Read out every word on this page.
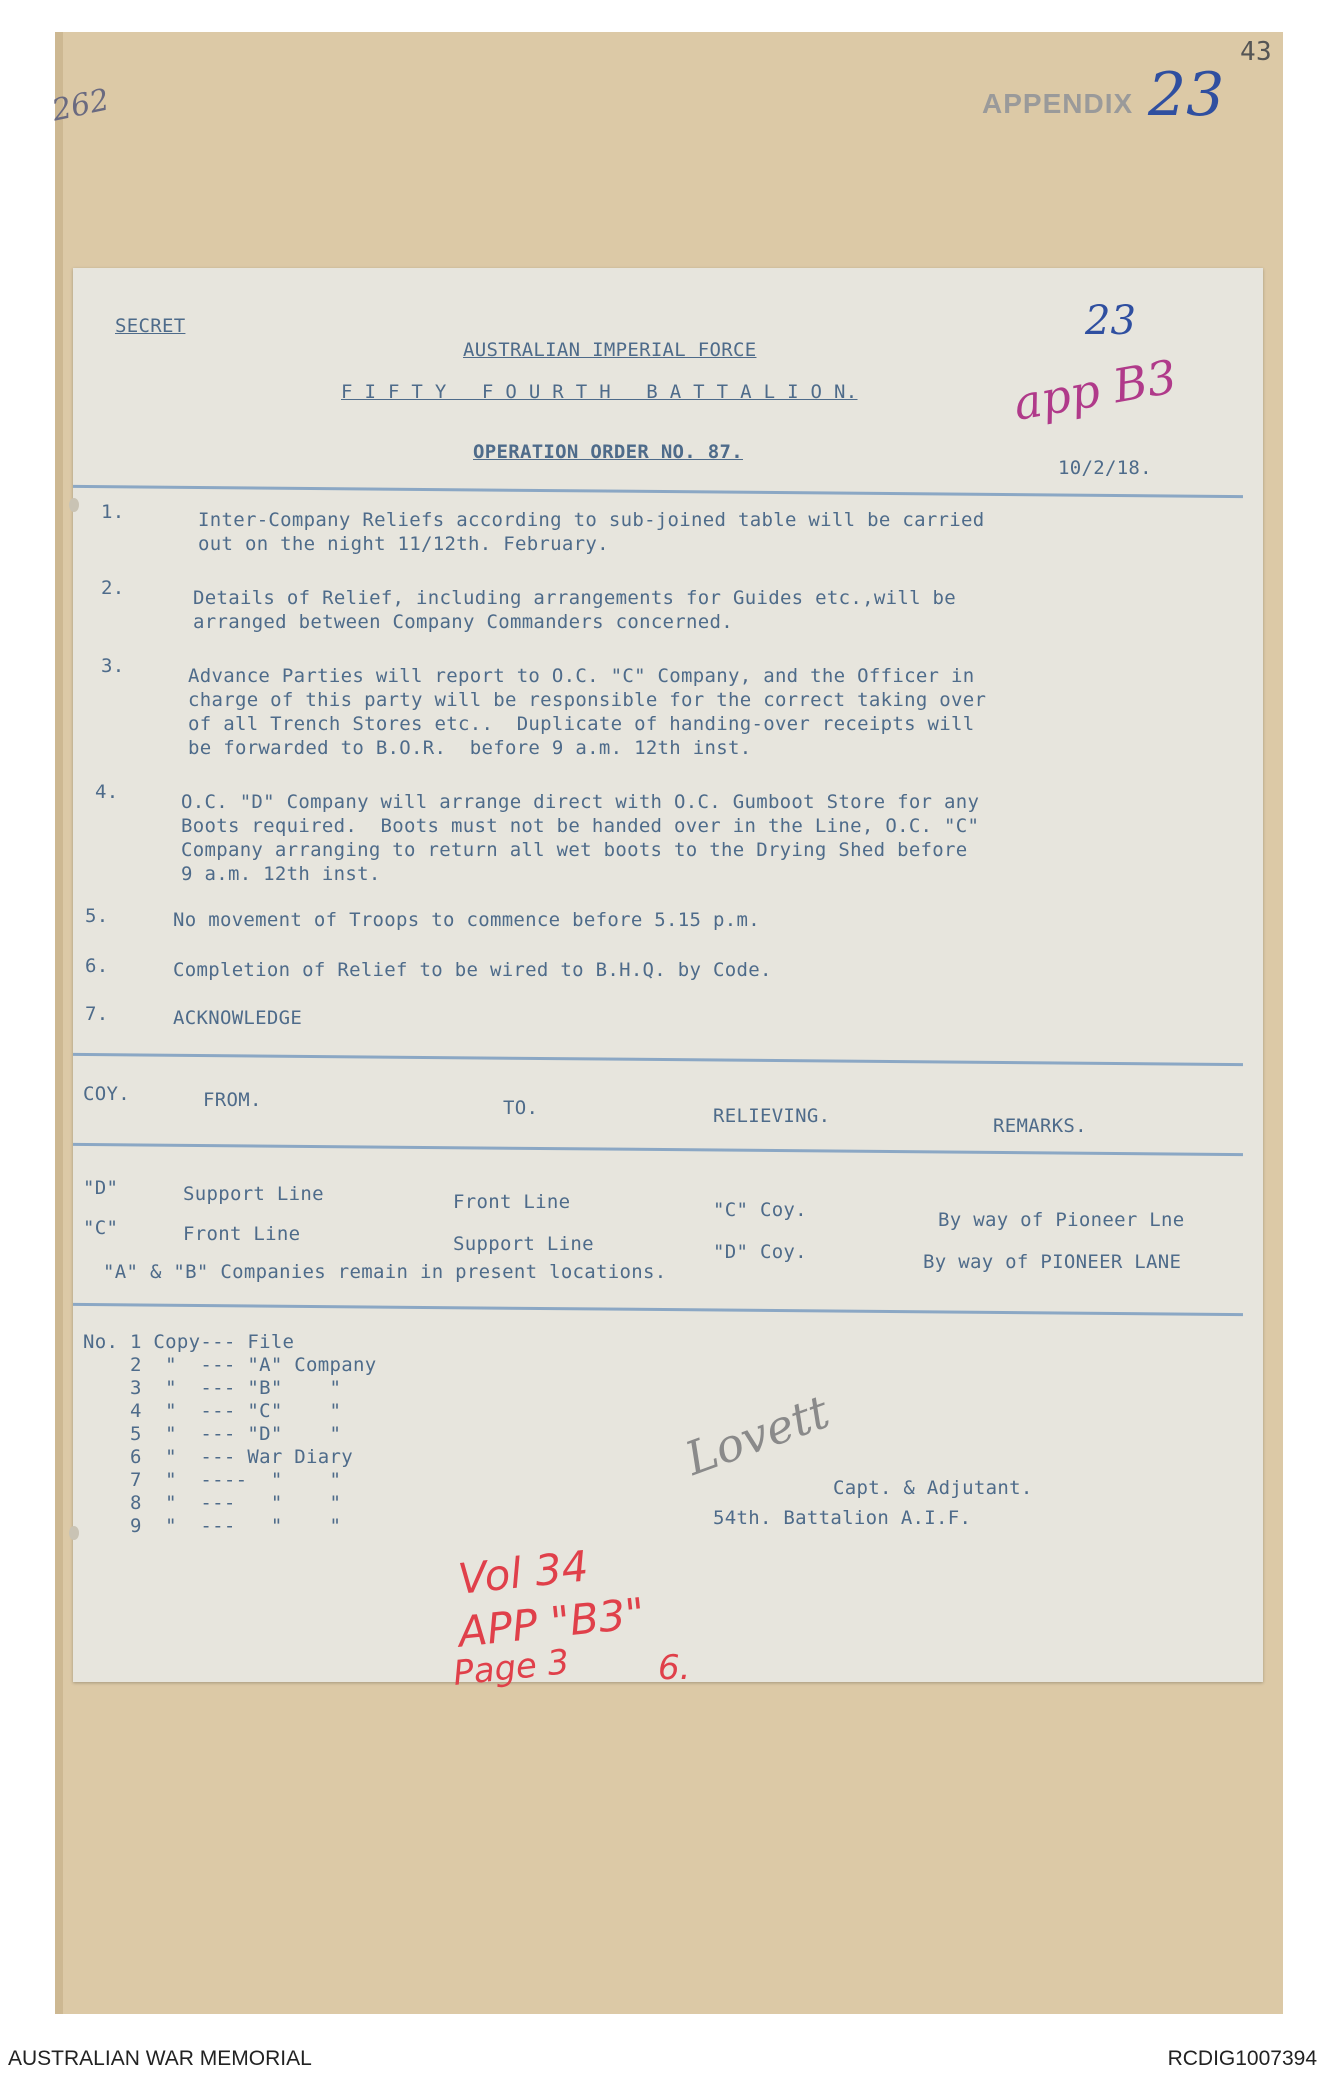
262
43
APPENDIX 23
23
app B3
SECRET
AUSTRALIAN IMPERIAL FORCE
F I F T Y   F O U R T H   B A T T A L I O N.
OPERATION ORDER NO. 87.
10/2/18.
1.	Inter-Company Reliefs according to sub-joined table will be carried
out on the night 11/12th. February.
2.	Details of Relief, including arrangements for Guides etc.,will be
arranged between Company Commanders concerned.
3.	Advance Parties will report to O.C. "C" Company, and the Officer in
charge of this party will be responsible for the correct taking over
of all Trench Stores etc..  Duplicate of handing-over receipts will
be forwarded to B.O.R.  before 9 a.m. 12th inst.
4.	O.C. "D" Company will arrange direct with O.C. Gumboot Store for any
Boots required.  Boots must not be handed over in the Line, O.C. "C"
Company arranging to return all wet boots to the Drying Shed before
9 a.m. 12th inst.
5.	No movement of Troops to commence before 5.15 p.m.
6.	Completion of Relief to be wired to B.H.Q. by Code.
7.	ACKNOWLEDGE
COY.	FROM.	TO.	RELIEVING.	REMARKS.
"D"	Support Line	Front Line	"C" Coy.	By way of Pioneer Lne
"C"	Front Line	Support Line	"D" Coy.	By way of PIONEER LANE
"A" & "B" Companies remain in present locations.
No. 1 Copy--- File
2  "  --- "A" Company
3  "  --- "B"    "
4  "  --- "C"    "
5  "  --- "D"    "
6  "  --- War Diary
7  "  ----  "    "
8  "  ---   "    "
9  "  ---   "    "
Lovett
Capt. & Adjutant.
54th. Battalion A.I.F.
Vol 34
APP "B3"
6.
Page 3
AUSTRALIAN WAR MEMORIAL	RCDIG1007394
